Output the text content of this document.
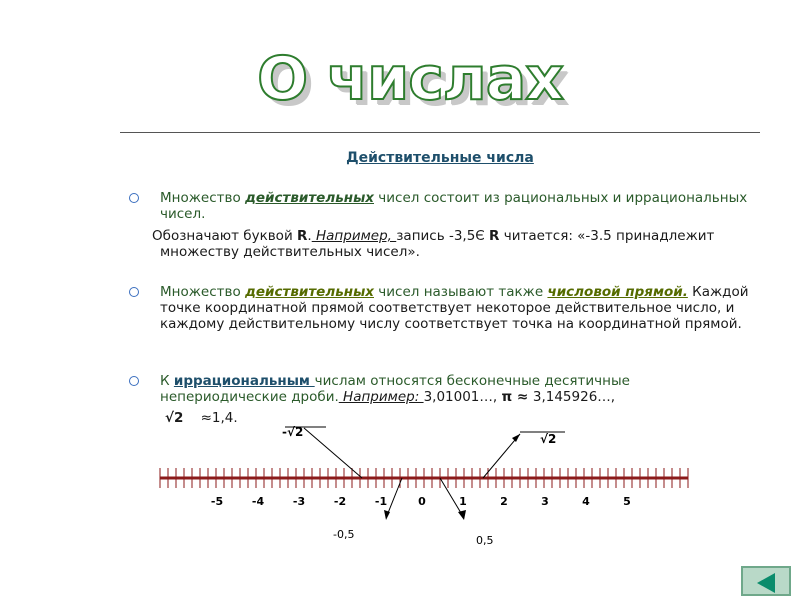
О числах
Действительные числа
Множество действительных чисел состоит из рациональных и иррациональных чисел.
Обозначают буквой R. Например, запись -3,5Є R читается: «-3.5 принадлежит множеству действительных чисел».
Множество действительных чисел называют также числовой прямой. Каждой точке координатной прямой соответствует некоторое действительное число, и каждому действительному числу соответствует точка на координатной прямой.
К иррациональным числам относятся бесконечные десятичные непериодические дроби. Например: 3,01001…, π ≈ 3,145926…,
√2 ≈1,4.
-5	-4	-3	-2	-1	0	1	2	3	4	5
-√2	√2
-0,5	0,5
